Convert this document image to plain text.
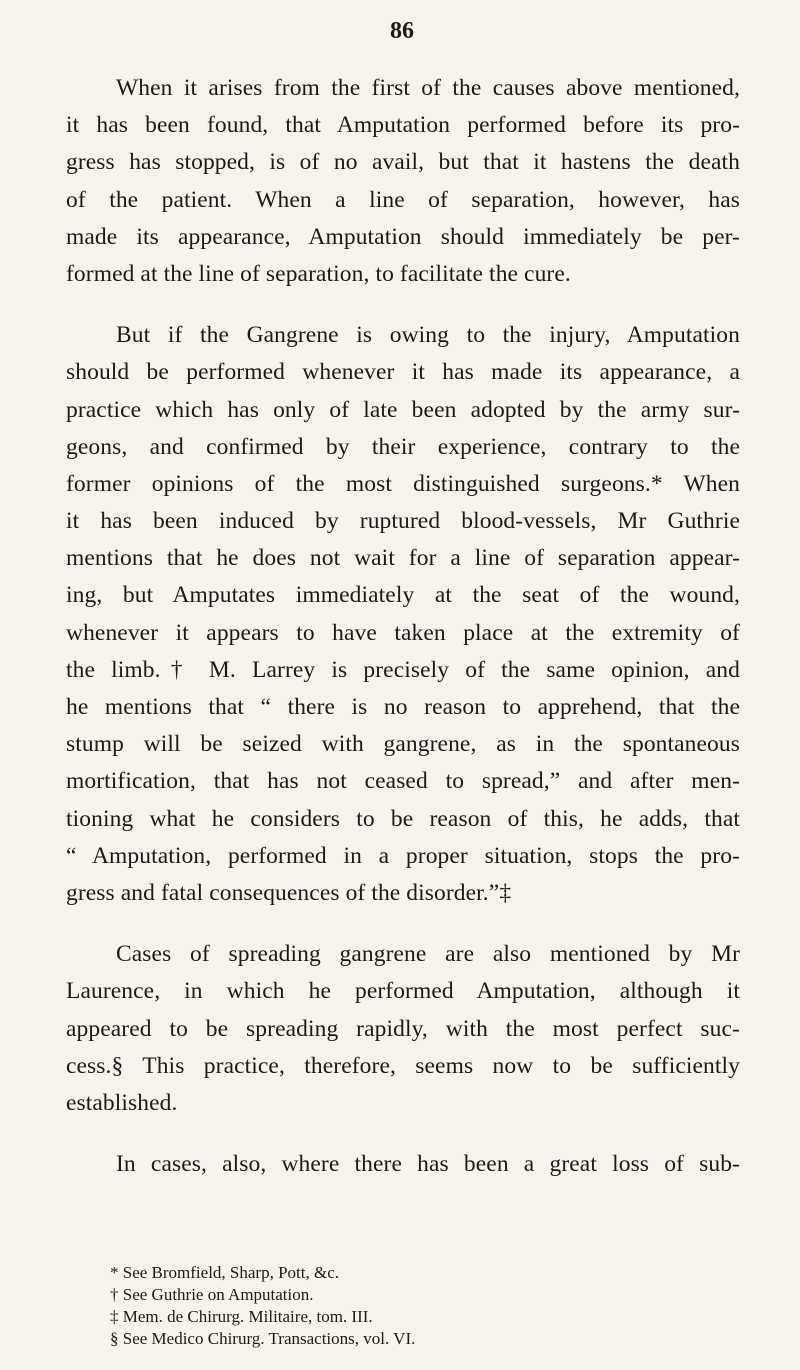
86
When it arises from the first of the causes above mentioned,
it has been found, that Amputation performed before its pro-
gress has stopped, is of no avail, but that it hastens the death
of the patient. When a line of separation, however, has
made its appearance, Amputation should immediately be per-
formed at the line of separation, to facilitate the cure.
But if the Gangrene is owing to the injury, Amputation
should be performed whenever it has made its appearance, a
practice which has only of late been adopted by the army sur-
geons, and confirmed by their experience, contrary to the
former opinions of the most distinguished surgeons.* When
it has been induced by ruptured blood-vessels, Mr Guthrie
mentions that he does not wait for a line of separation appear-
ing, but Amputates immediately at the seat of the wound,
whenever it appears to have taken place at the extremity of
the limb.† M. Larrey is precisely of the same opinion, and
he mentions that “ there is no reason to apprehend, that the
stump will be seized with gangrene, as in the spontaneous
mortification, that has not ceased to spread,” and after men-
tioning what he considers to be reason of this, he adds, that
“ Amputation, performed in a proper situation, stops the pro-
gress and fatal consequences of the disorder.”‡
Cases of spreading gangrene are also mentioned by Mr
Laurence, in which he performed Amputation, although it
appeared to be spreading rapidly, with the most perfect suc-
cess.§ This practice, therefore, seems now to be sufficiently
established.
In cases, also, where there has been a great loss of sub-
* See Bromfield, Sharp, Pott, &c.
† See Guthrie on Amputation.
‡ Mem. de Chirurg. Militaire, tom. III.
§ See Medico Chirurg. Transactions, vol. VI.
